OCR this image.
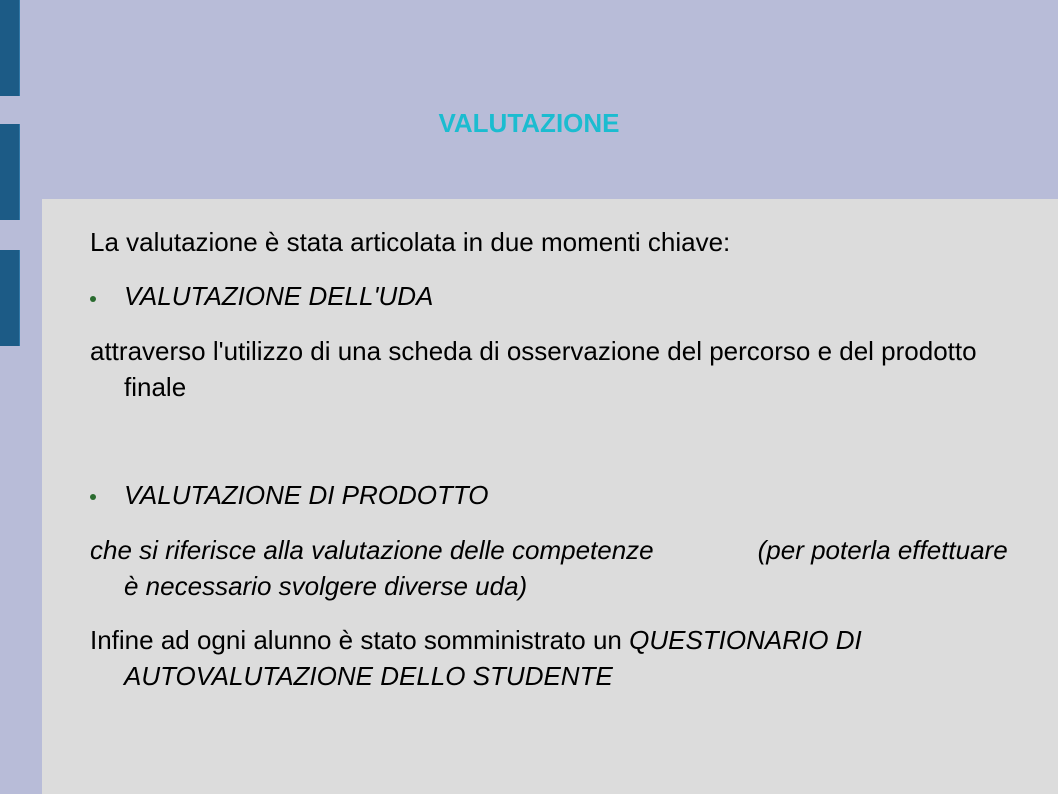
VALUTAZIONE
La valutazione è stata articolata in due momenti chiave:
VALUTAZIONE DELL'UDA
attraverso l'utilizzo di una scheda di osservazione del percorso e del prodotto finale
VALUTAZIONE DI PRODOTTO
che si riferisce alla valutazione delle competenze	(per poterla effettuare è necessario svolgere diverse uda)
Infine ad ogni alunno è stato somministrato un QUESTIONARIO DI AUTOVALUTAZIONE DELLO STUDENTE
